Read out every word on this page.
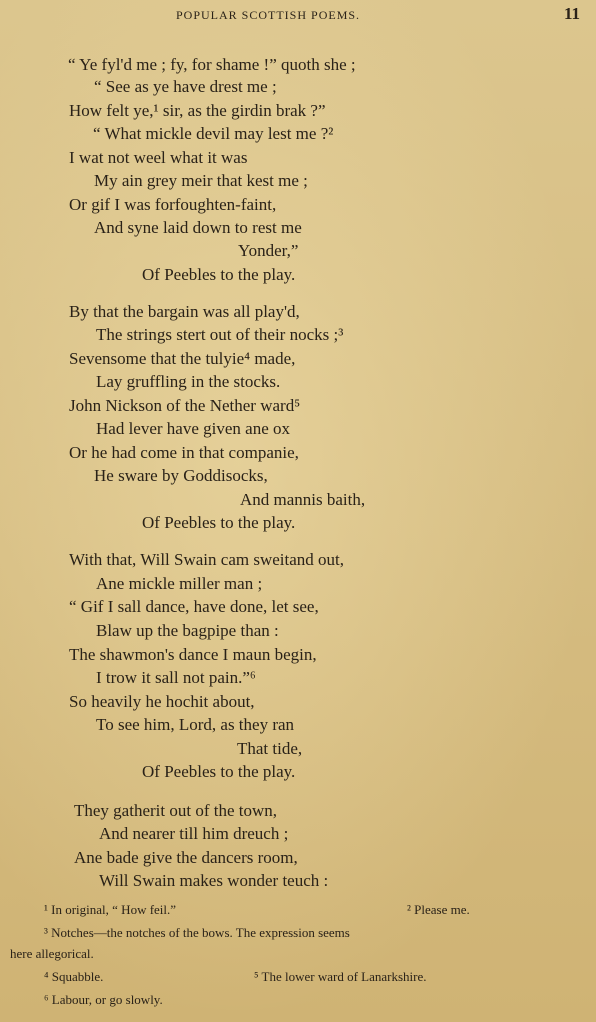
POPULAR SCOTTISH POEMS.	11
“ Ye fyl'd me ; fy, for shame !” quoth she ;
“ See as ye have drest me ;
How felt ye,¹ sir, as the girdin brak ?”
“ What mickle devil may lest me ?²
I wat not weel what it was
My ain grey meir that kest me ;
Or gif I was forfoughten-faint,
And syne laid down to rest me
Yonder,”
Of Peebles to the play.
By that the bargain was all play'd,
The strings stert out of their nocks ;³
Sevensome that the tulyie⁴ made,
Lay gruffling in the stocks.
John Nickson of the Nether ward⁵
Had lever have given ane ox
Or he had come in that companie,
He sware by Goddisocks,
And mannis baith,
Of Peebles to the play.
With that, Will Swain cam sweitand out,
Ane mickle miller man ;
“ Gif I sall dance, have done, let see,
Blaw up the bagpipe than :
The shawmon's dance I maun begin,
I trow it sall not pain.”⁶
So heavily he hochit about,
To see him, Lord, as they ran
That tide,
Of Peebles to the play.
They gatherit out of the town,
And nearer till him dreuch ;
Ane bade give the dancers room,
Will Swain makes wonder teuch :
¹ In original, “ How feil.”	² Please me.
³ Notches—the notches of the bows. The expression seems
here allegorical.
⁴ Squabble.	⁵ The lower ward of Lanarkshire.
⁶ Labour, or go slowly.
